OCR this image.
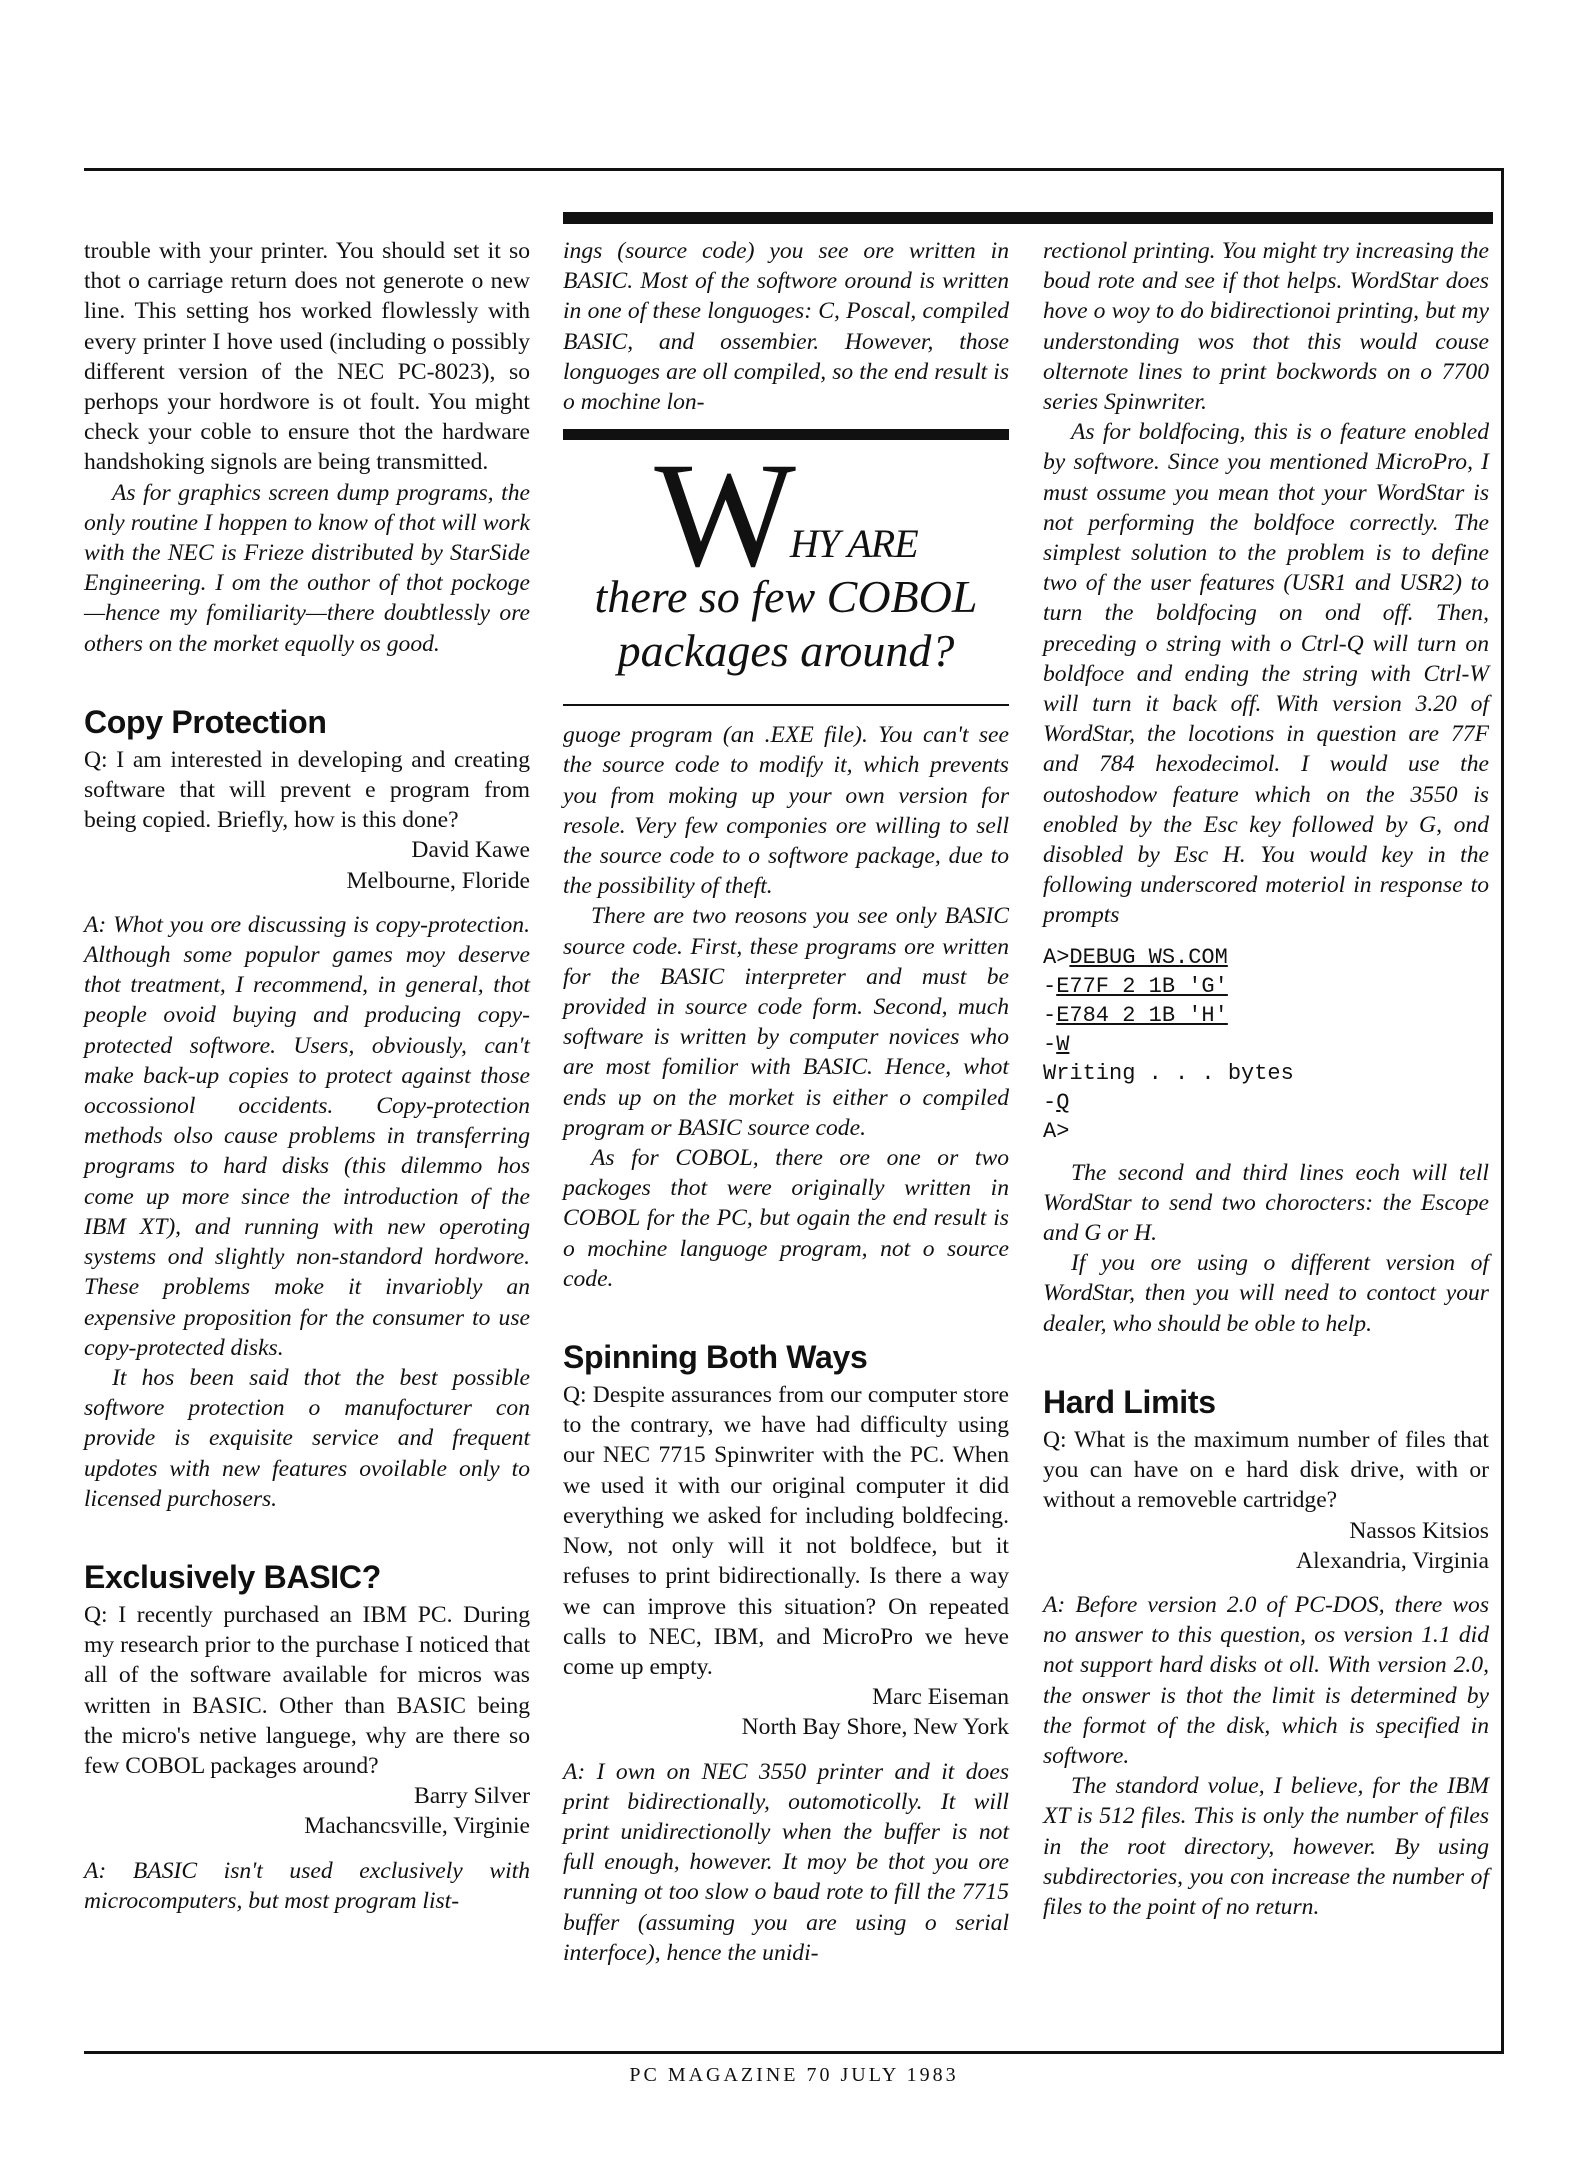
trouble with your printer. You should set it so thot o carriage return does not generote o new line. This setting hos worked flowlessly with every printer I hove used (including o possibly different version of the NEC PC-8023), so perhops your hordwore is ot foult. You might check your coble to ensure thot the hardware handshoking signols are being transmitted.

As for graphics screen dump programs, the only routine I hoppen to know of thot will work with the NEC is Frieze distributed by StarSide Engineering. I om the outhor of thot pockoge—hence my fomiliarity—there doubtlessly ore others on the morket equolly os good.

Copy Protection

Q: I am interested in developing and creating software that will prevent e program from being copied. Briefly, how is this done?

David Kawe

Melbourne, Floride

A: Whot you ore discussing is copy-protection. Although some populor games moy deserve thot treatment, I recommend, in general, thot people ovoid buying and producing copy-protected softwore. Users, obviously, can't make back-up copies to protect against those occossionol occidents. Copy-protection methods olso cause problems in transferring programs to hard disks (this dilemmo hos come up more since the introduction of the IBM XT), and running with new operoting systems ond slightly non-standord hordwore. These problems moke it invariobly an expensive proposition for the consumer to use copy-protected disks.

It hos been said thot the best possible softwore protection o manufocturer con provide is exquisite service and frequent updotes with new features ovoilable only to licensed purchosers.

Exclusively BASIC?

Q: I recently purchased an IBM PC. During my research prior to the purchase I noticed that all of the software available for micros was written in BASIC. Other than BASIC being the micro's netive languege, why are there so few COBOL packages around?

Barry Silver

Machancsville, Virginie

A: BASIC isn't used exclusively with microcomputers, but most program list-

ings (source code) you see ore written in BASIC. Most of the softwore oround is written in one of these longuoges: C, Poscal, compiled BASIC, and ossembier. However, those longuoges are oll compiled, so the end result is o mochine lon-

WHY ARE
there so few COBOL
packages around?

guoge program (an .EXE file). You can't see the source code to modify it, which prevents you from moking up your own version for resole. Very few componies ore willing to sell the source code to o softwore package, due to the possibility of theft.

There are two reosons you see only BASIC source code. First, these programs ore written for the BASIC interpreter and must be provided in source code form. Second, much software is written by computer novices who are most fomilior with BASIC. Hence, whot ends up on the morket is either o compiled program or BASIC source code.

As for COBOL, there ore one or two packoges thot were originally written in COBOL for the PC, but ogain the end result is o mochine languoge program, not o source code.

Spinning Both Ways

Q: Despite assurances from our computer store to the contrary, we have had difficulty using our NEC 7715 Spinwriter with the PC. When we used it with our original computer it did everything we asked for including boldfecing. Now, not only will it not boldfece, but it refuses to print bidirectionally. Is there a way we can improve this situation? On repeated calls to NEC, IBM, and MicroPro we heve come up empty.

Marc Eiseman

North Bay Shore, New York

A: I own on NEC 3550 printer and it does print bidirectionally, outomoticolly. It will print unidirectionolly when the buffer is not full enough, however. It moy be thot you ore running ot too slow o baud rote to fill the 7715 buffer (assuming you are using o serial interfoce), hence the unidi-

rectionol printing. You might try increasing the boud rote and see if thot helps. WordStar does hove o woy to do bidirectionoi printing, but my understonding wos thot this would couse olternote lines to print bockwords on o 7700 series Spinwriter.

As for boldfocing, this is o feature enobled by softwore. Since you mentioned MicroPro, I must ossume you mean thot your WordStar is not performing the boldfoce correctly. The simplest solution to the problem is to define two of the user features (USR1 and USR2) to turn the boldfocing on ond off. Then, preceding o string with o Ctrl-Q will turn on boldfoce and ending the string with Ctrl-W will turn it back off. With version 3.20 of WordStar, the locotions in question are 77F and 784 hexodecimol. I would use the outoshodow feature which on the 3550 is enobled by the Esc key followed by G, ond disobled by Esc H. You would key in the following underscored moteriol in response to prompts

A>DEBUG WS.COM
-E77F 2 1B 'G'
-E784 2 1B 'H'
-W
Writing . . . bytes
-Q
A>

The second and third lines eoch will tell WordStar to send two chorocters: the Escope and G or H.

If you ore using o different version of WordStar, then you will need to contoct your dealer, who should be oble to help.

Hard Limits

Q: What is the maximum number of files that you can have on e hard disk drive, with or without a removeble cartridge?

Nassos Kitsios

Alexandria, Virginia

A: Before version 2.0 of PC-DOS, there wos no answer to this question, os version 1.1 did not support hard disks ot oll. With version 2.0, the onswer is thot the limit is determined by the formot of the disk, which is specified in softwore.

The standord volue, I believe, for the IBM XT is 512 files. This is only the number of files in the root directory, however. By using subdirectories, you con increase the number of files to the point of no return.

PC MAGAZINE 70 JULY 1983
